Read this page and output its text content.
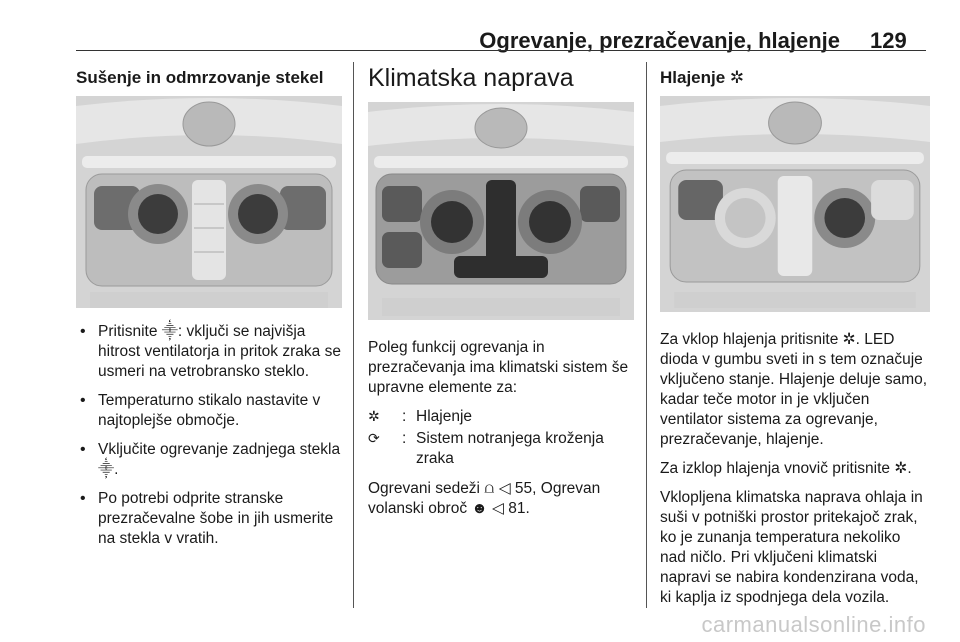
Ogrevanje, prezračevanje, hlajenje 129
Sušenje in odmrzovanje stekel
• Pritisnite ⸎: vključi se najvišja hitrost ventilatorja in pritok zraka se usmeri na vetrobransko steklo.
• Temperaturno stikalo nastavite v najtoplejše območje.
• Vključite ogrevanje zadnjega stekla ⸎.
• Po potrebi odprite stranske prezračevalne šobe in jih usmerite na stekla v vratih.
Klimatska naprava

Poleg funkcij ogrevanja in prezračevanja ima klimatski sistem še upravne elemente za:

✲	: Hlajenje
⟳	: Sistem notranjega kroženja zraka

Ogrevani sedeži ⩍ ◁ 55, Ogrevan volanski obroč ☻ ◁ 81.

Hlajenje ✲

Za vklop hlajenja pritisnite ✲. LED dioda v gumbu sveti in s tem označuje vključeno stanje. Hlajenje deluje samo, kadar teče motor in je vključen ventilator sistema za ogrevanje, prezračevanje, hlajenje.

Za izklop hlajenja vnovič pritisnite ✲.

Vklopljena klimatska naprava ohlaja in suši v potniški prostor pritekajoč zrak, ko je zunanja temperatura nekoliko nad ničlo. Pri vključeni klimatski napravi se nabira kondenzirana voda, ki kaplja iz spodnjega dela vozila.

carmanualsonline.info
